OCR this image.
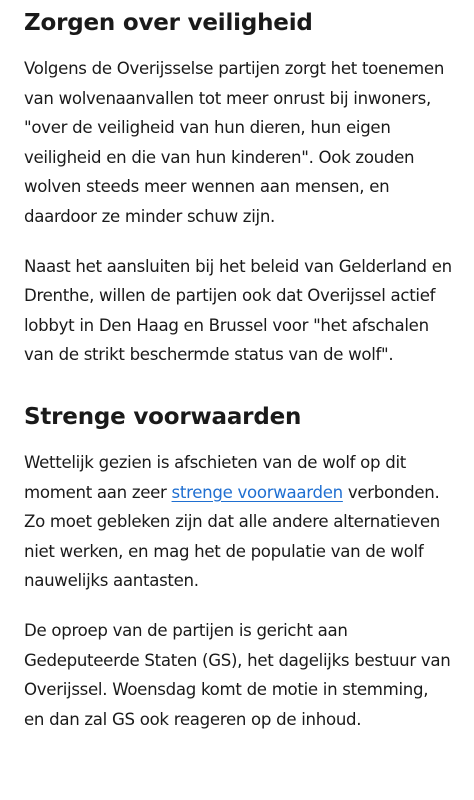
Zorgen over veiligheid

Volgens de Overijsselse partijen zorgt het toenemen van wolvenaanvallen tot meer onrust bij inwoners, "over de veiligheid van hun dieren, hun eigen veiligheid en die van hun kinderen". Ook zouden wolven steeds meer wennen aan mensen, en daardoor ze minder schuw zijn.

Naast het aansluiten bij het beleid van Gelderland en Drenthe, willen de partijen ook dat Overijssel actief lobbyt in Den Haag en Brussel voor "het afschalen van de strikt beschermde status van de wolf".

Strenge voorwaarden

Wettelijk gezien is afschieten van de wolf op dit moment aan zeer strenge voorwaarden verbonden. Zo moet gebleken zijn dat alle andere alternatieven niet werken, en mag het de populatie van de wolf nauwelijks aantasten.

De oproep van de partijen is gericht aan Gedeputeerde Staten (GS), het dagelijks bestuur van Overijssel. Woensdag komt de motie in stemming, en dan zal GS ook reageren op de inhoud.
